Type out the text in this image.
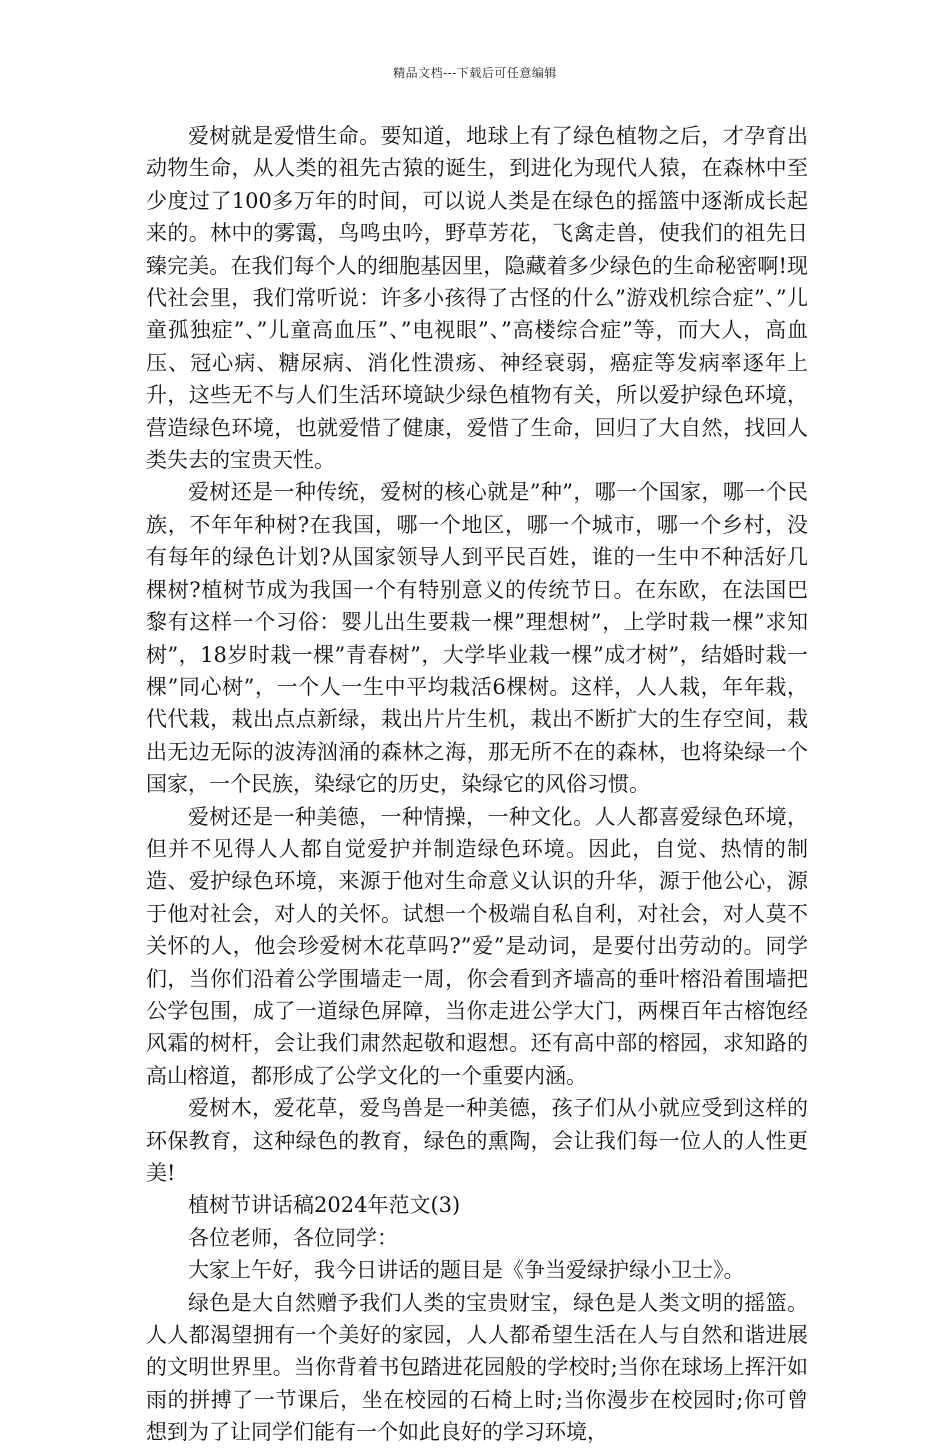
精品文档---下载后可任意编辑

爱树就是爱惜生命。要知道，地球上有了绿色植物之后，才孕育出动物生命，从人类的祖先古猿的诞生，到进化为现代人猿，在森林中至少度过了100多万年的时间，可以说人类是在绿色的摇篮中逐渐成长起来的。林中的雾霭，鸟鸣虫吟，野草芳花，飞禽走兽，使我们的祖先日臻完美。在我们每个人的细胞基因里，隐藏着多少绿色的生命秘密啊!现代社会里，我们常听说：许多小孩得了古怪的什么”游戏机综合症”、”儿童孤独症”、”儿童高血压”、”电视眼”、”高楼综合症”等，而大人，高血压、冠心病、糖尿病、消化性溃疡、神经衰弱，癌症等发病率逐年上升，这些无不与人们生活环境缺少绿色植物有关，所以爱护绿色环境，营造绿色环境，也就爱惜了健康，爱惜了生命，回归了大自然，找回人类失去的宝贵天性。

爱树还是一种传统，爱树的核心就是”种”，哪一个国家，哪一个民族，不年年种树?在我国，哪一个地区，哪一个城市，哪一个乡村，没有每年的绿色计划?从国家领导人到平民百姓，谁的一生中不种活好几棵树?植树节成为我国一个有特别意义的传统节日。在东欧，在法国巴黎有这样一个习俗：婴儿出生要栽一棵”理想树”，上学时栽一棵”求知树”，18岁时栽一棵”青春树”，大学毕业栽一棵”成才树”，结婚时栽一棵”同心树”，一个人一生中平均栽活6棵树。这样，人人栽，年年栽，代代栽，栽出点点新绿，栽出片片生机，栽出不断扩大的生存空间，栽出无边无际的波涛汹涌的森林之海，那无所不在的森林，也将染绿一个国家，一个民族，染绿它的历史，染绿它的风俗习惯。

爱树还是一种美德，一种情操，一种文化。人人都喜爱绿色环境，但并不见得人人都自觉爱护并制造绿色环境。因此，自觉、热情的制造、爱护绿色环境，来源于他对生命意义认识的升华，源于他公心，源于他对社会，对人的关怀。试想一个极端自私自利，对社会，对人莫不关怀的人，他会珍爱树木花草吗?”爱”是动词，是要付出劳动的。同学们，当你们沿着公学围墙走一周，你会看到齐墙高的垂叶榕沿着围墙把公学包围，成了一道绿色屏障，当你走进公学大门，两棵百年古榕饱经风霜的树杆，会让我们肃然起敬和遐想。还有高中部的榕园，求知路的高山榕道，都形成了公学文化的一个重要内涵。

爱树木，爱花草，爱鸟兽是一种美德，孩子们从小就应受到这样的环保教育，这种绿色的教育，绿色的熏陶，会让我们每一位人的人性更美!

植树节讲话稿2024年范文(3)

各位老师，各位同学：

大家上午好，我今日讲话的题目是《争当爱绿护绿小卫士》。

绿色是大自然赠予我们人类的宝贵财宝，绿色是人类文明的摇篮。人人都渴望拥有一个美好的家园，人人都希望生活在人与自然和谐进展的文明世界里。当你背着书包踏进花园般的学校时;当你在球场上挥汗如雨的拼搏了一节课后，坐在校园的石椅上时;当你漫步在校园时;你可曾想到为了让同学们能有一个如此良好的学习环境，
